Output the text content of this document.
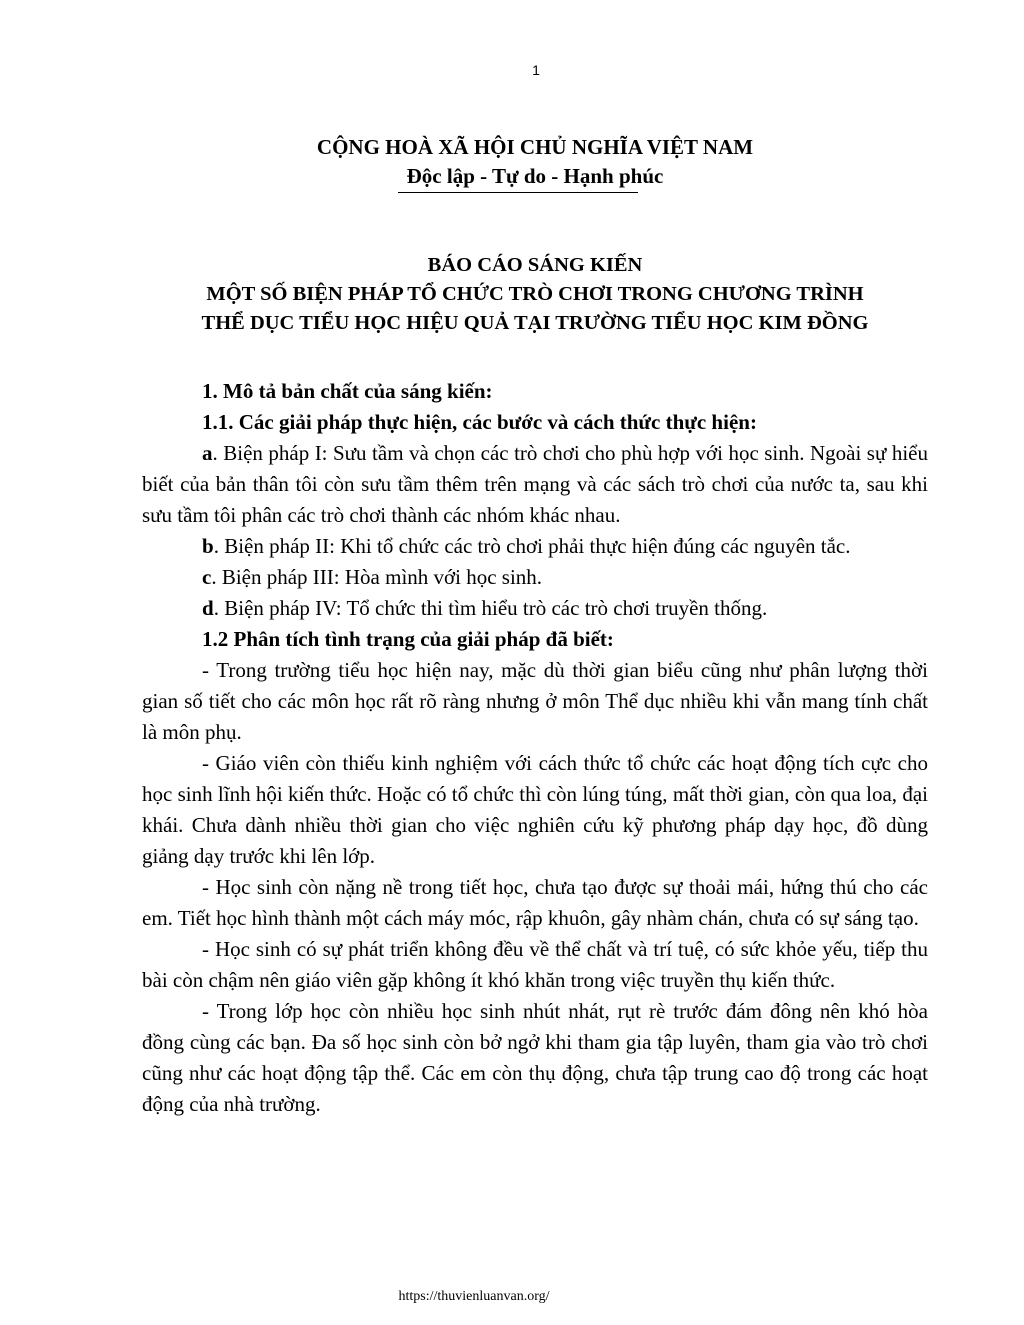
1
CỘNG HOÀ XÃ HỘI CHỦ NGHĨA VIỆT NAM
Độc lập - Tự do - Hạnh phúc
BÁO CÁO SÁNG KIẾN
MỘT SỐ BIỆN PHÁP TỔ CHỨC TRÒ CHƠI TRONG CHƯƠNG TRÌNH
THỂ DỤC TIỂU HỌC HIỆU QUẢ TẠI TRƯỜNG TIỂU HỌC KIM ĐỒNG

1. Mô tả bản chất của sáng kiến:

1.1. Các giải pháp thực hiện, các bước và cách thức thực hiện:

a. Biện pháp I: Sưu tầm và chọn các trò chơi cho phù hợp với học sinh. Ngoài sự hiểu biết của bản thân tôi còn sưu tầm thêm trên mạng và các sách trò chơi của nước ta, sau khi sưu tầm tôi phân các trò chơi thành các nhóm khác nhau.

b. Biện pháp II: Khi tổ chức các trò chơi phải thực hiện đúng các nguyên tắc.

c. Biện pháp III: Hòa mình với học sinh.

d. Biện pháp IV: Tổ chức thi tìm hiểu trò các trò chơi truyền thống.

1.2 Phân tích tình trạng của giải pháp đã biết:

- Trong trường tiểu học hiện nay, mặc dù thời gian biểu cũng như phân lượng thời gian số tiết cho các môn học rất rõ ràng nhưng ở môn Thể dục nhiều khi vẫn mang tính chất là môn phụ.

- Giáo viên còn thiếu kinh nghiệm với cách thức tổ chức các hoạt động tích cực cho học sinh lĩnh hội kiến thức. Hoặc có tổ chức thì còn lúng túng, mất thời gian, còn qua loa, đại khái. Chưa dành nhiều thời gian cho việc nghiên cứu kỹ phương pháp dạy học, đồ dùng giảng dạy trước khi lên lớp.

- Học sinh còn nặng nề trong tiết học, chưa tạo được sự thoải mái, hứng thú cho các em. Tiết học hình thành một cách máy móc, rập khuôn, gây nhàm chán, chưa có sự sáng tạo.

- Học sinh có sự phát triển không đều về thể chất và trí tuệ, có sức khỏe yếu, tiếp thu bài còn chậm nên giáo viên gặp không ít khó khăn trong việc truyền thụ kiến thức.

- Trong lớp học còn nhiều học sinh nhút nhát, rụt rè trước đám đông nên khó hòa đồng cùng các bạn. Đa số học sinh còn bở ngở khi tham gia tập luyên, tham gia vào trò chơi cũng như các hoạt động tập thể. Các em còn thụ động, chưa tập trung cao độ trong các hoạt động của nhà trường.

https://thuvienluanvan.org/
